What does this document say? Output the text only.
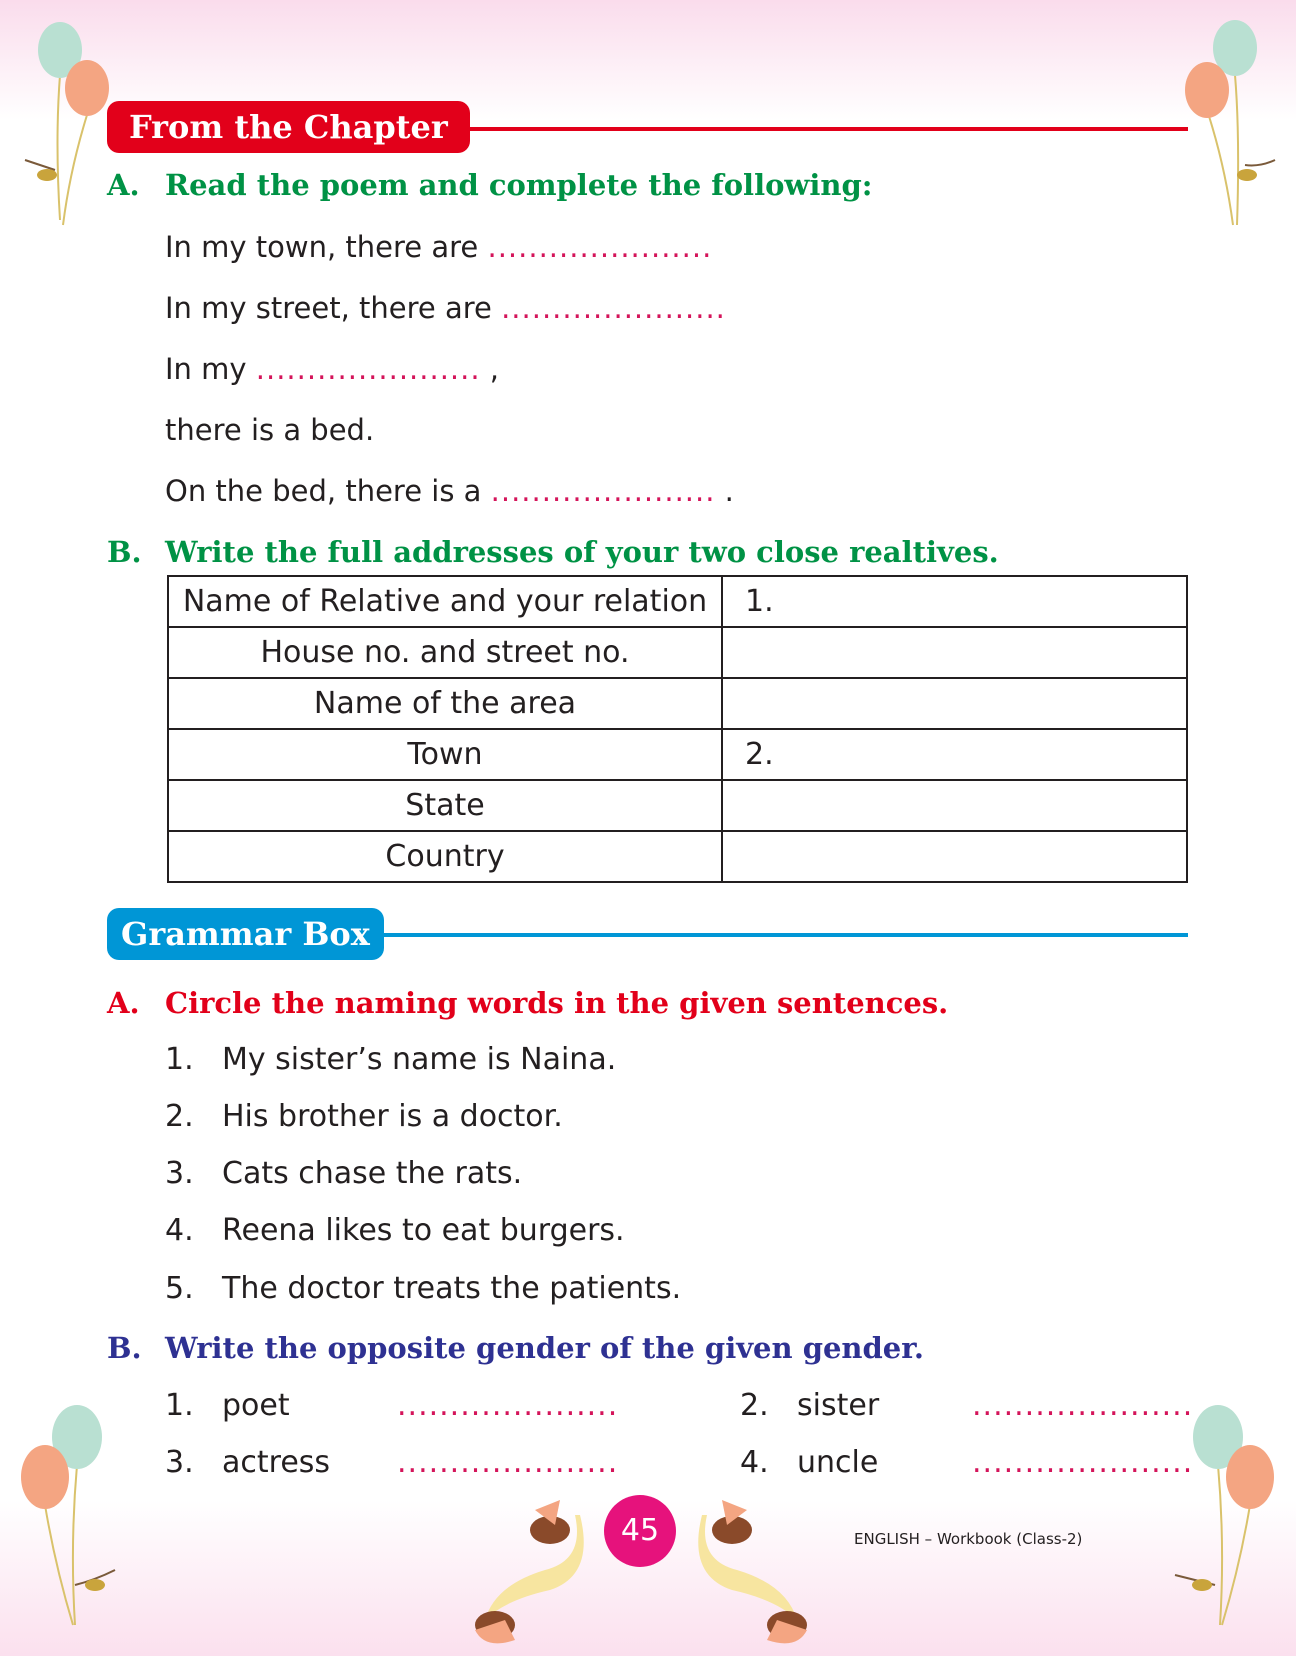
From the Chapter
A. Read the poem and complete the following:
In my town, there are ......................
In my street, there are ......................
In my ...................... ,
there is a bed.
On the bed, there is a ...................... .
B. Write the full addresses of your two close realtives.
Name of Relative and your relation	1.
House no. and street no.	
Name of the area	
Town	2.
State	
Country	
Grammar Box
A. Circle the naming words in the given sentences.
1. My sister’s name is Naina.
2. His brother is a doctor.
3. Cats chase the rats.
4. Reena likes to eat burgers.
5. The doctor treats the patients.
B. Write the opposite gender of the given gender.
1. poet	.....................	2. sister	.....................
3. actress .....................	4. uncle	.....................
45	ENGLISH – Workbook (Class-2)
